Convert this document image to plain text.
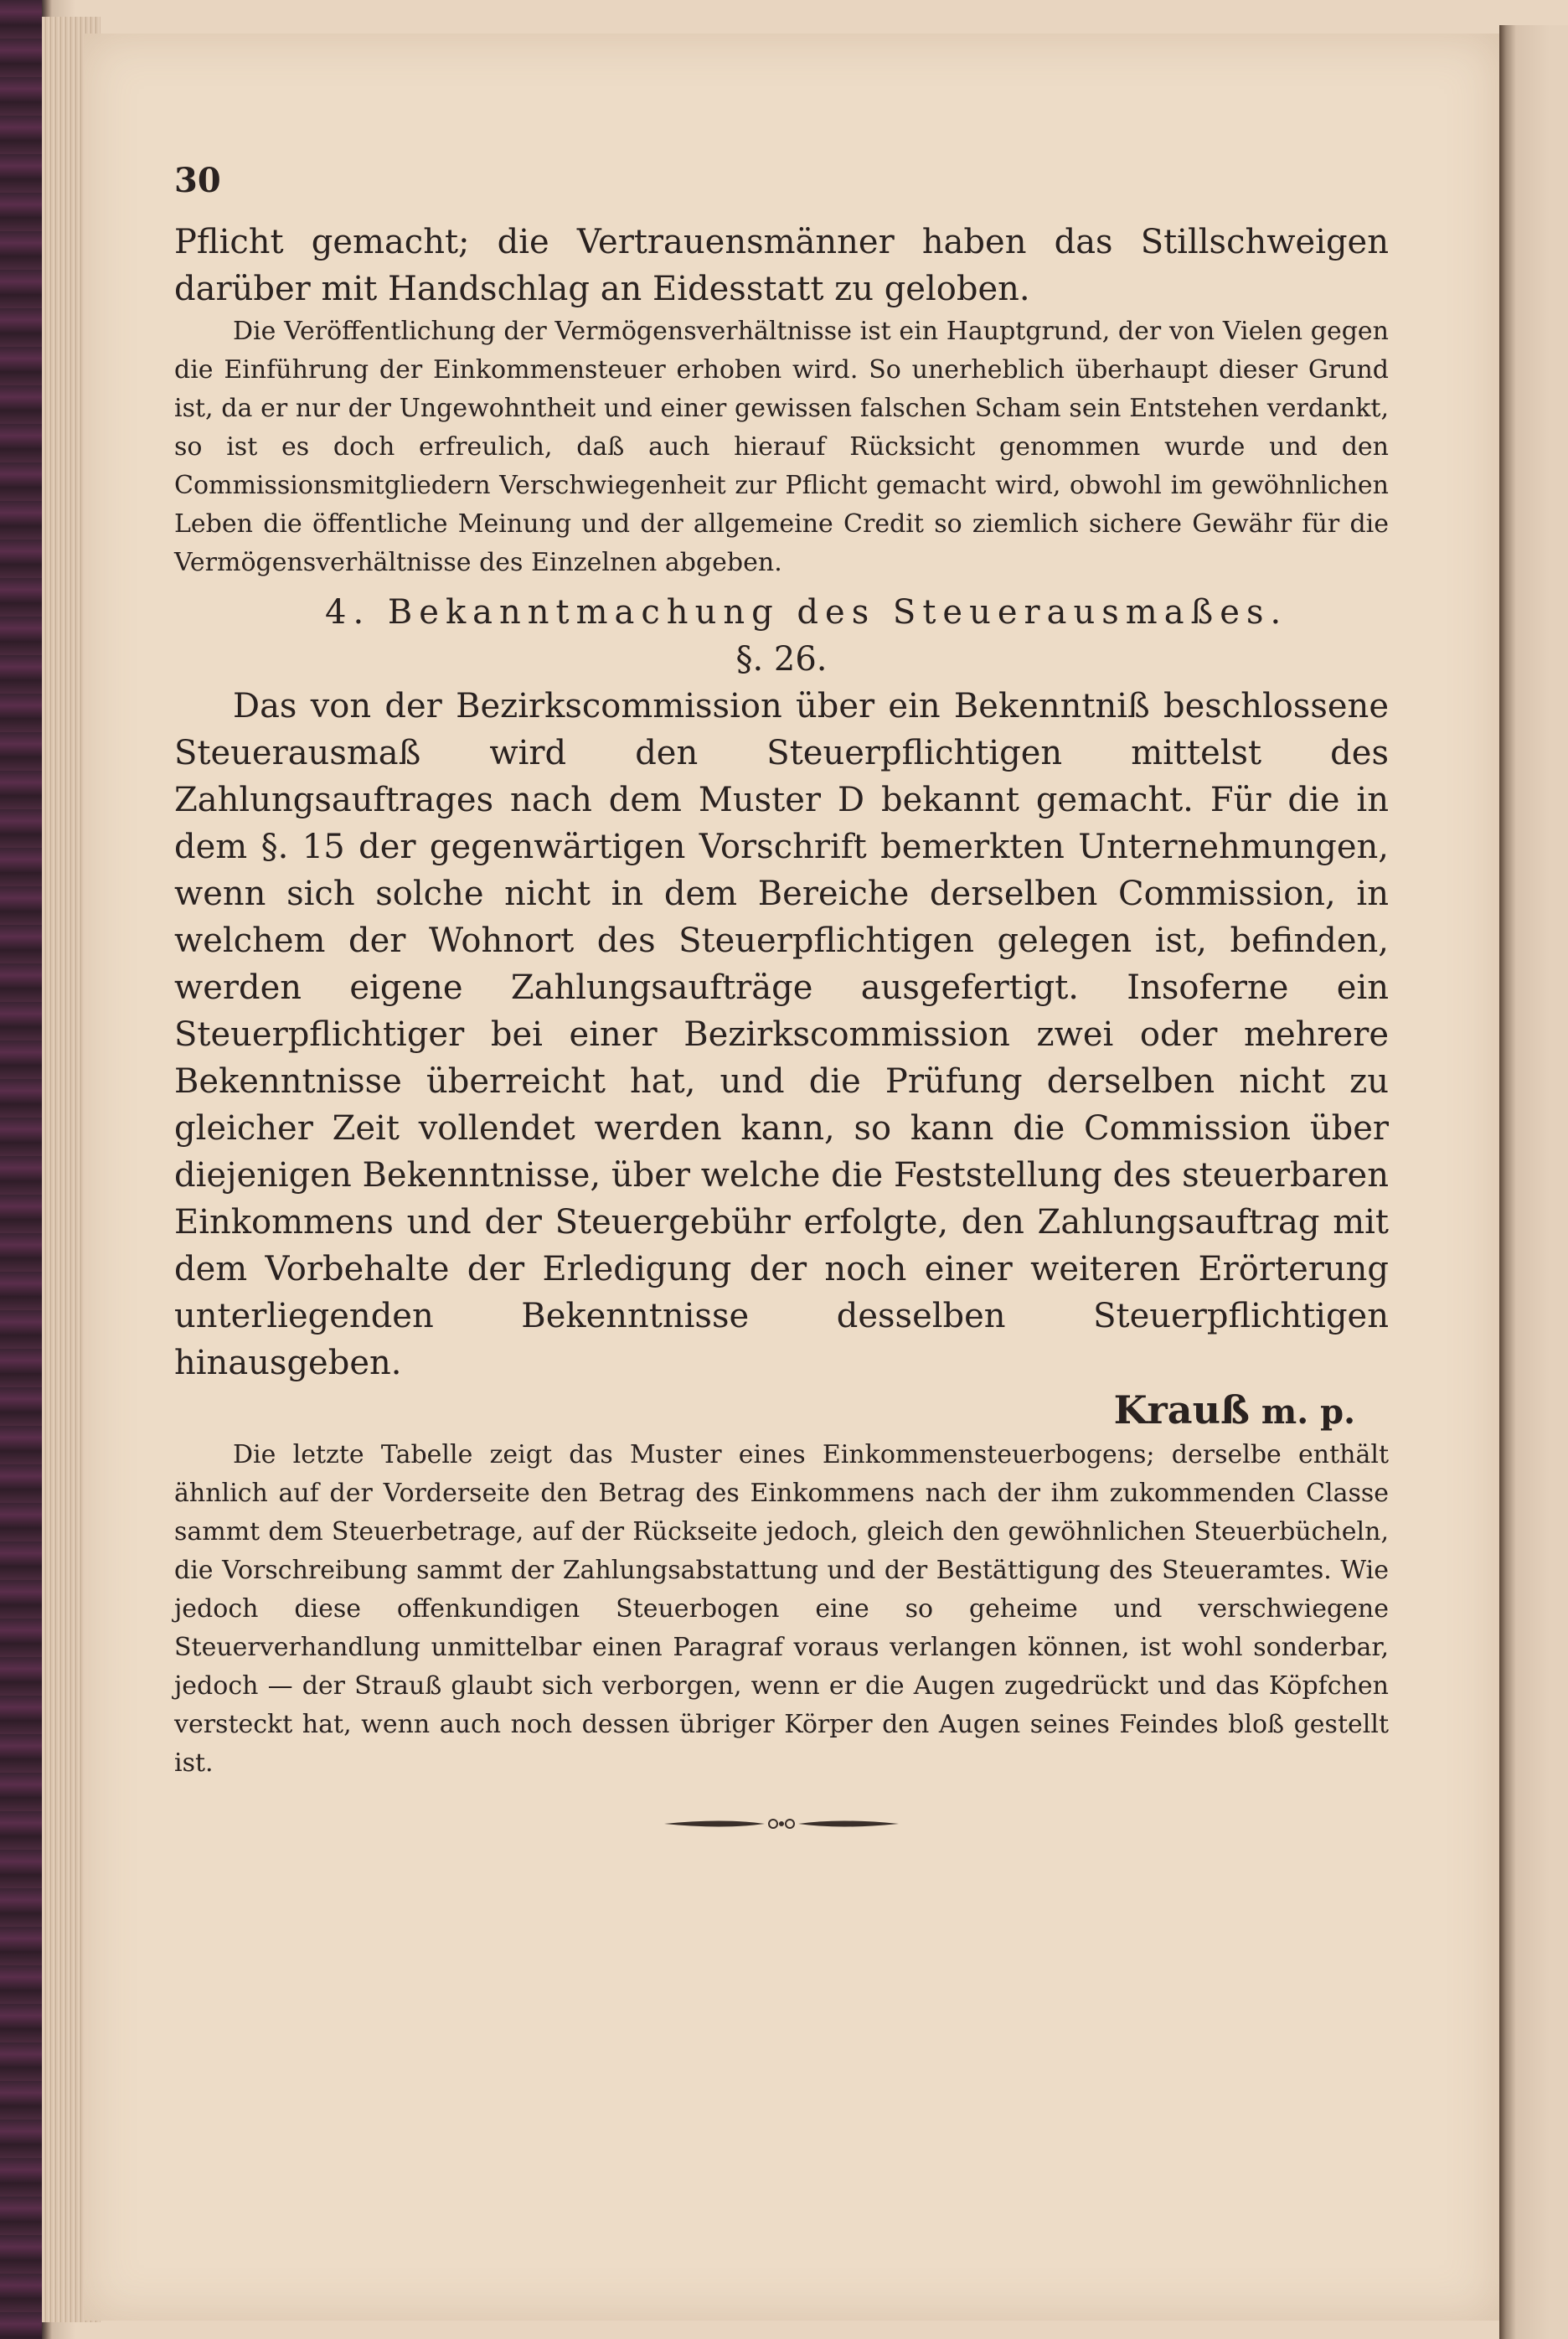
30

Pflicht gemacht; die Vertrauensmänner haben das Stillschweigen darüber mit Handschlag an Eidesstatt zu geloben.

Die Veröffentlichung der Vermögensverhältnisse ist ein Hauptgrund, der von Vielen gegen die Einführung der Einkommensteuer erhoben wird. So unerheblich überhaupt dieser Grund ist, da er nur der Ungewohntheit und einer gewissen falschen Scham sein Entstehen verdankt, so ist es doch erfreulich, daß auch hierauf Rücksicht genommen wurde und den Commissionsmitgliedern Verschwiegenheit zur Pflicht gemacht wird, obwohl im gewöhnlichen Leben die öffentliche Meinung und der allgemeine Credit so ziemlich sichere Gewähr für die Vermögensverhältnisse des Einzelnen abgeben.

4. Bekanntmachung des Steuerausmaßes.

§. 26.

Das von der Bezirkscommission über ein Bekenntniß beschlossene Steuerausmaß wird den Steuerpflichtigen mittelst des Zahlungsauftrages nach dem Muster D bekannt gemacht. Für die in dem §. 15 der gegenwärtigen Vorschrift bemerkten Unternehmungen, wenn sich solche nicht in dem Bereiche derselben Commission, in welchem der Wohnort des Steuerpflichtigen gelegen ist, befinden, werden eigene Zahlungsaufträge ausgefertigt. Insoferne ein Steuerpflichtiger bei einer Bezirkscommission zwei oder mehrere Bekenntnisse überreicht hat, und die Prüfung derselben nicht zu gleicher Zeit vollendet werden kann, so kann die Commission über diejenigen Bekenntnisse, über welche die Feststellung des steuerbaren Einkommens und der Steuergebühr erfolgte, den Zahlungsauftrag mit dem Vorbehalte der Erledigung der noch einer weiteren Erörterung unterliegenden Bekenntnisse desselben Steuerpflichtigen hinausgeben.

Krauß m. p.

Die letzte Tabelle zeigt das Muster eines Einkommensteuerbogens; derselbe enthält ähnlich auf der Vorderseite den Betrag des Einkommens nach der ihm zukommenden Classe sammt dem Steuerbetrage, auf der Rückseite jedoch, gleich den gewöhnlichen Steuerbücheln, die Vorschreibung sammt der Zahlungsabstattung und der Bestättigung des Steueramtes. Wie jedoch diese offenkundigen Steuerbogen eine so geheime und verschwiegene Steuerverhandlung unmittelbar einen Paragraf voraus verlangen können, ist wohl sonderbar, jedoch — der Strauß glaubt sich verborgen, wenn er die Augen zugedrückt und das Köpfchen versteckt hat, wenn auch noch dessen übriger Körper den Augen seines Feindes bloß gestellt ist.
